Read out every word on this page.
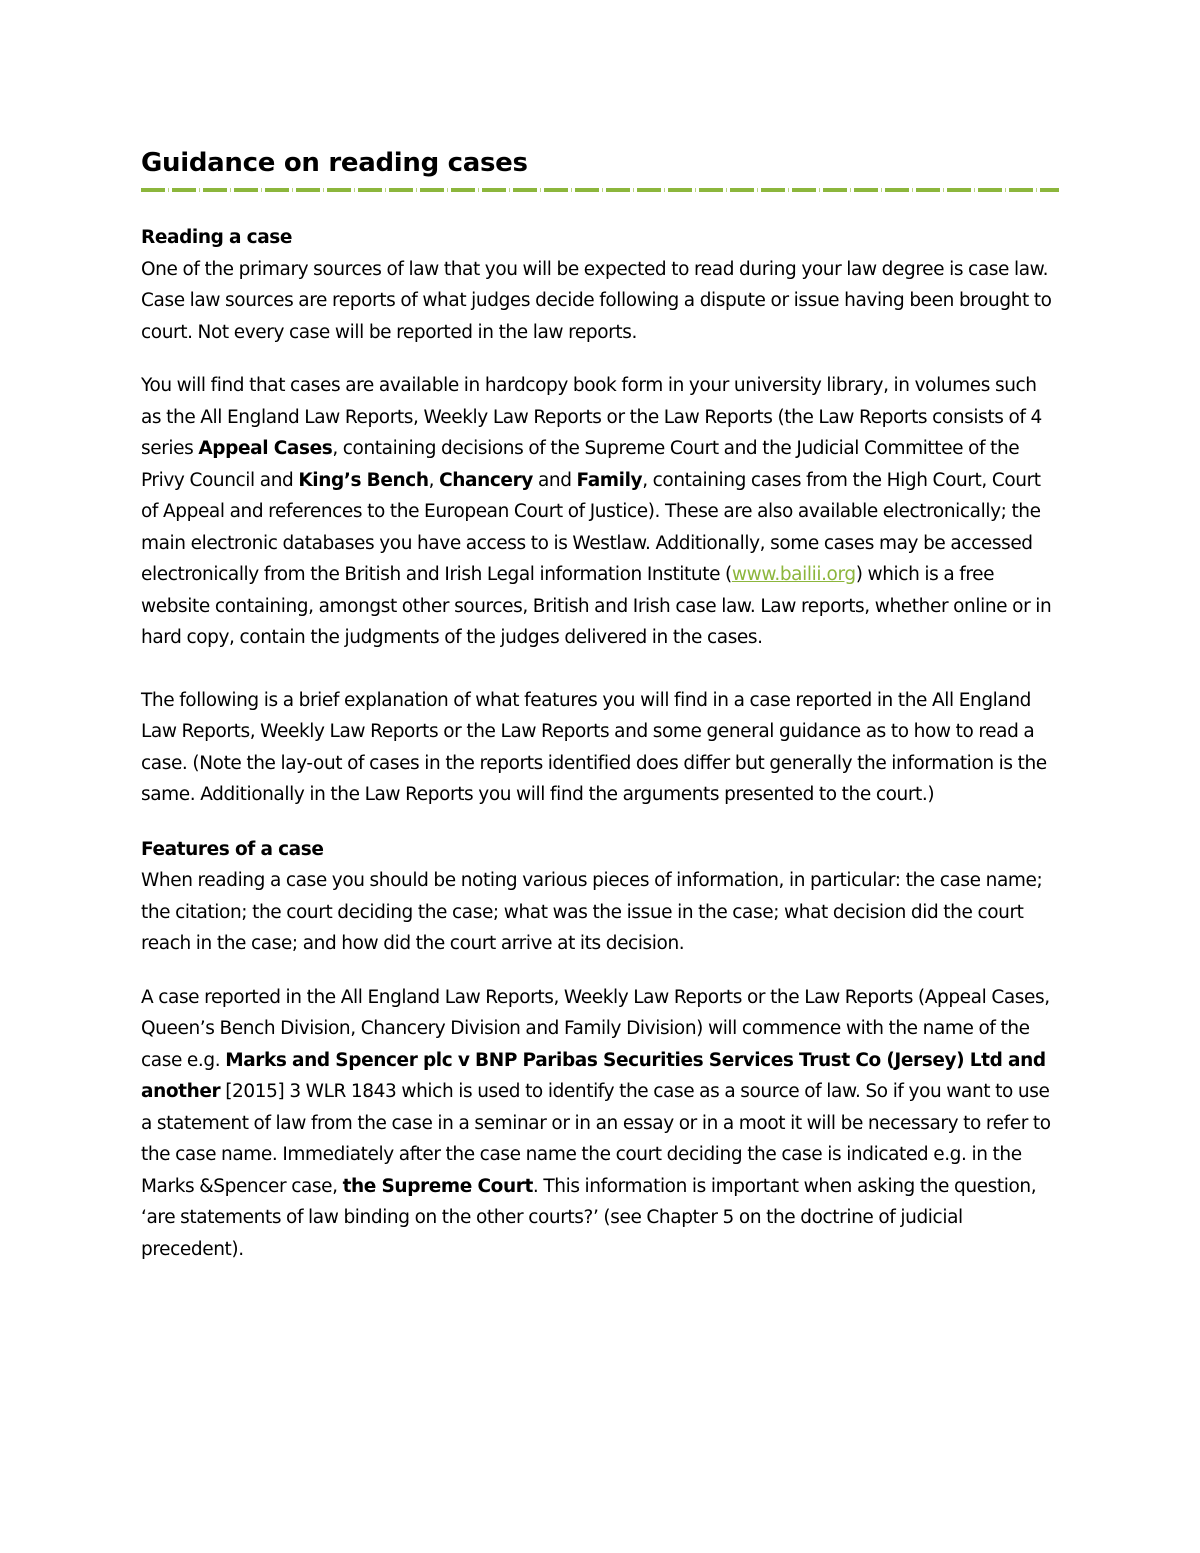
Guidance on reading cases

Reading a case
One of the primary sources of law that you will be expected to read during your law degree is case law. Case law sources are reports of what judges decide following a dispute or issue having been brought to court. Not every case will be reported in the law reports.

You will find that cases are available in hardcopy book form in your university library, in volumes such as the All England Law Reports, Weekly Law Reports or the Law Reports (the Law Reports consists of 4 series Appeal Cases, containing decisions of the Supreme Court and the Judicial Committee of the Privy Council and King’s Bench, Chancery and Family, containing cases from the High Court, Court of Appeal and references to the European Court of Justice). These are also available electronically; the main electronic databases you have access to is Westlaw. Additionally, some cases may be accessed electronically from the British and Irish Legal information Institute (www.bailii.org) which is a free website containing, amongst other sources, British and Irish case law. Law reports, whether online or in hard copy, contain the judgments of the judges delivered in the cases.

The following is a brief explanation of what features you will find in a case reported in the All England Law Reports, Weekly Law Reports or the Law Reports and some general guidance as to how to read a case. (Note the lay-out of cases in the reports identified does differ but generally the information is the same. Additionally in the Law Reports you will find the arguments presented to the court.)

Features of a case
When reading a case you should be noting various pieces of information, in particular: the case name; the citation; the court deciding the case; what was the issue in the case; what decision did the court reach in the case; and how did the court arrive at its decision.

A case reported in the All England Law Reports, Weekly Law Reports or the Law Reports (Appeal Cases, Queen’s Bench Division, Chancery Division and Family Division) will commence with the name of the case e.g. Marks and Spencer plc v BNP Paribas Securities Services Trust Co (Jersey) Ltd and another [2015] 3 WLR 1843 which is used to identify the case as a source of law. So if you want to use a statement of law from the case in a seminar or in an essay or in a moot it will be necessary to refer to the case name. Immediately after the case name the court deciding the case is indicated e.g. in the Marks &Spencer case, the Supreme Court. This information is important when asking the question, ‘are statements of law binding on the other courts?’ (see Chapter 5 on the doctrine of judicial precedent).
